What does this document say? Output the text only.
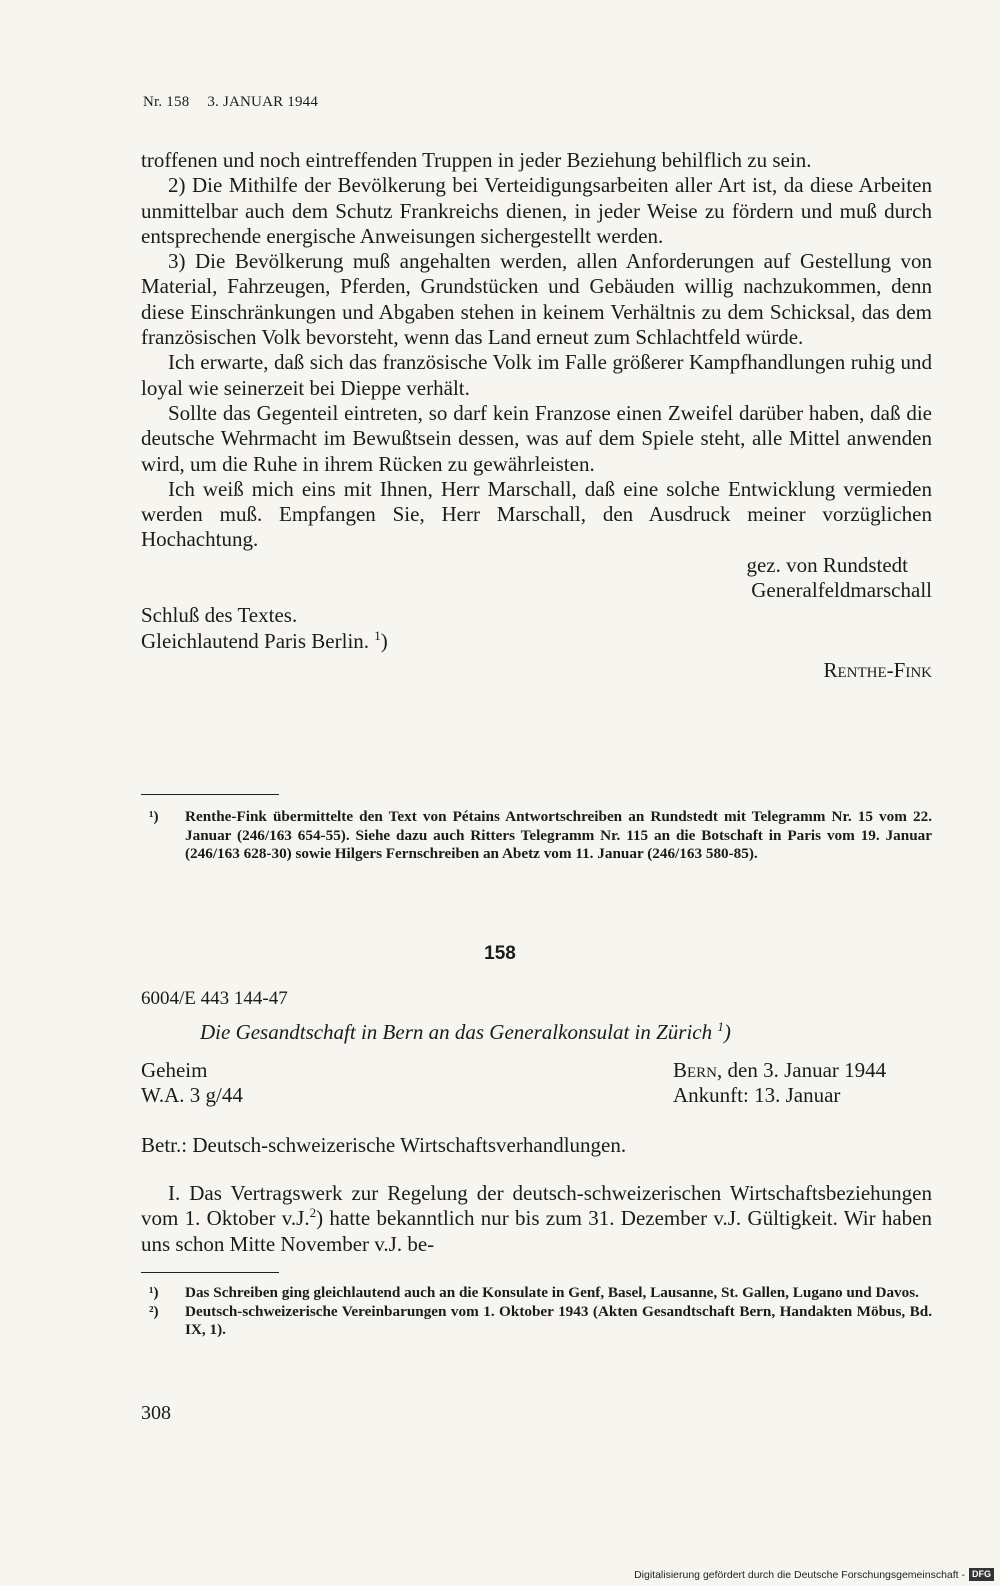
Nr. 158 3. JANUAR 1944

troffenen und noch eintreffenden Truppen in jeder Beziehung behilflich zu sein.

2) Die Mithilfe der Bevölkerung bei Verteidigungsarbeiten aller Art ist, da diese Arbeiten unmittelbar auch dem Schutz Frankreichs dienen, in jeder Weise zu fördern und muß durch entsprechende energische Anweisungen sichergestellt werden.

3) Die Bevölkerung muß angehalten werden, allen Anforderungen auf Gestellung von Material, Fahrzeugen, Pferden, Grundstücken und Gebäuden willig nachzukommen, denn diese Einschränkungen und Abgaben stehen in keinem Verhältnis zu dem Schicksal, das dem französischen Volk bevorsteht, wenn das Land erneut zum Schlachtfeld würde.

Ich erwarte, daß sich das französische Volk im Falle größerer Kampfhandlungen ruhig und loyal wie seinerzeit bei Dieppe verhält.

Sollte das Gegenteil eintreten, so darf kein Franzose einen Zweifel darüber haben, daß die deutsche Wehrmacht im Bewußtsein dessen, was auf dem Spiele steht, alle Mittel anwenden wird, um die Ruhe in ihrem Rücken zu gewährleisten.

Ich weiß mich eins mit Ihnen, Herr Marschall, daß eine solche Entwicklung vermieden werden muß. Empfangen Sie, Herr Marschall, den Ausdruck meiner vorzüglichen Hochachtung.

gez. von Rundstedt

Generalfeldmarschall

Schluß des Textes.

Gleichlautend Paris Berlin. $^1$)

Renthe-Fink

¹)	Renthe-Fink übermittelte den Text von Pétains Antwortschreiben an Rundstedt mit Telegramm Nr. 15 vom 22. Januar (246/163 654-55). Siehe dazu auch Ritters Telegramm Nr. 115 an die Botschaft in Paris vom 19. Januar (246/163 628-30) sowie Hilgers Fernschreiben an Abetz vom 11. Januar (246/163 580-85).
158
6004/E 443 144-47
Die Gesandtschaft in Bern an das Generalkonsulat in Zürich $^1$)
Geheim
W.A. 3 g/44
Bern, den 3. Januar 1944
Ankunft: 13. Januar
Betr.: Deutsch-schweizerische Wirtschaftsverhandlungen.

I. Das Vertragswerk zur Regelung der deutsch-schweizerischen Wirtschaftsbeziehungen vom 1. Oktober v.J.$^2$) hatte bekanntlich nur bis zum 31. Dezember v.J. Gültigkeit. Wir haben uns schon Mitte November v.J. be-

¹)	Das Schreiben ging gleichlautend auch an die Konsulate in Genf, Basel, Lausanne, St. Gallen, Lugano und Davos.
²)	Deutsch-schweizerische Vereinbarungen vom 1. Oktober 1943 (Akten Gesandtschaft Bern, Handakten Möbus, Bd. IX, 1).
308
Digitalisierung gefördert durch die Deutsche Forschungsgemeinschaft - DFG
